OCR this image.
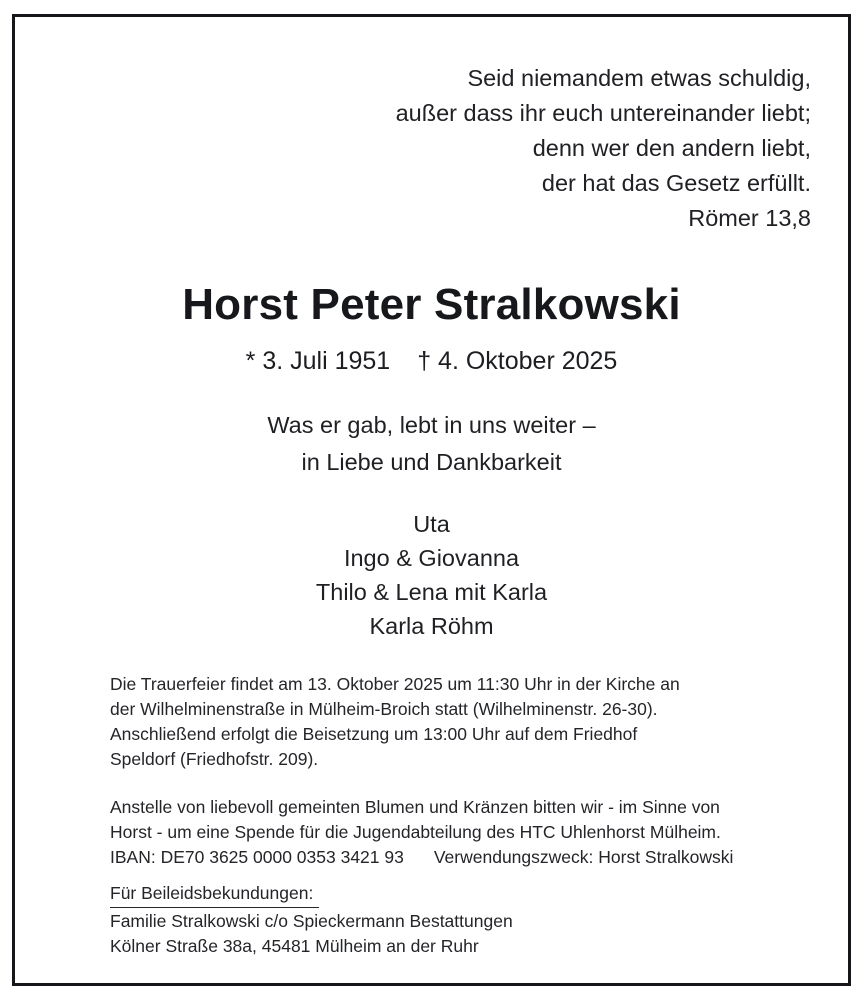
Seid niemandem etwas schuldig,
außer dass ihr euch untereinander liebt;
denn wer den andern liebt,
der hat das Gesetz erfüllt.
Römer 13,8
Horst Peter Stralkowski
* 3. Juli 1951 † 4. Oktober 2025
Was er gab, lebt in uns weiter –
in Liebe und Dankbarkeit
Uta
Ingo & Giovanna
Thilo & Lena mit Karla
Karla Röhm
Die Trauerfeier findet am 13. Oktober 2025 um 11:30 Uhr in der Kirche an
der Wilhelminenstraße in Mülheim-Broich statt (Wilhelminenstr. 26-30).
Anschließend erfolgt die Beisetzung um 13:00 Uhr auf dem Friedhof
Speldorf (Friedhofstr. 209).
Anstelle von liebevoll gemeinten Blumen und Kränzen bitten wir - im Sinne von
Horst - um eine Spende für die Jugendabteilung des HTC Uhlenhorst Mülheim.
IBAN: DE70 3625 0000 0353 3421 93 Verwendungszweck: Horst Stralkowski
Für Beileidsbekundungen:
Familie Stralkowski c/o Spieckermann Bestattungen
Kölner Straße 38a, 45481 Mülheim an der Ruhr
